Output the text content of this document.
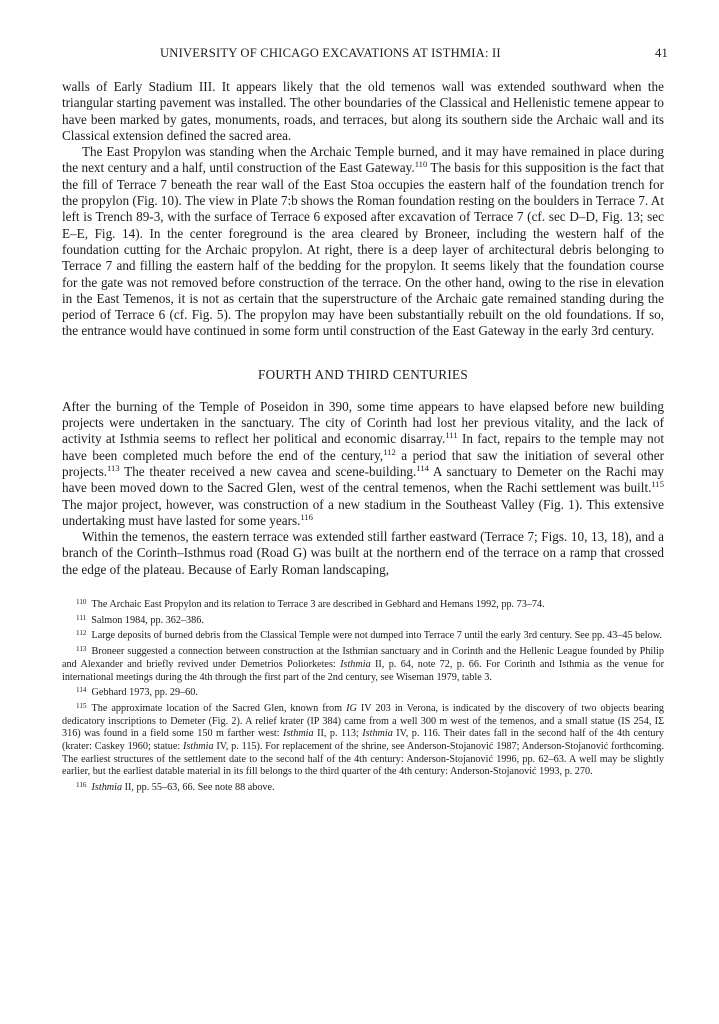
UNIVERSITY OF CHICAGO EXCAVATIONS AT ISTHMIA: II	41

walls of Early Stadium III. It appears likely that the old temenos wall was extended southward when the triangular starting pavement was installed. The other boundaries of the Classical and Hellenistic temene appear to have been marked by gates, monuments, roads, and terraces, but along its southern side the Archaic wall and its Classical extension defined the sacred area.

The East Propylon was standing when the Archaic Temple burned, and it may have remained in place during the next century and a half, until construction of the East Gateway.$^{110}$ The basis for this supposition is the fact that the fill of Terrace 7 beneath the rear wall of the East Stoa occupies the eastern half of the foundation trench for the propylon (Fig. 10). The view in Plate 7:b shows the Roman foundation resting on the boulders in Terrace 7. At left is Trench 89-3, with the surface of Terrace 6 exposed after excavation of Terrace 7 (cf. sec D–D, Fig. 13; sec E–E, Fig. 14). In the center foreground is the area cleared by Broneer, including the western half of the foundation cutting for the Archaic propylon. At right, there is a deep layer of architectural debris belonging to Terrace 7 and filling the eastern half of the bedding for the propylon. It seems likely that the foundation course for the gate was not removed before construction of the terrace. On the other hand, owing to the rise in elevation in the East Temenos, it is not as certain that the superstructure of the Archaic gate remained standing during the period of Terrace 6 (cf. Fig. 5). The propylon may have been substantially rebuilt on the old foundations. If so, the entrance would have continued in some form until construction of the East Gateway in the early 3rd century.

FOURTH AND THIRD CENTURIES

After the burning of the Temple of Poseidon in 390, some time appears to have elapsed before new building projects were undertaken in the sanctuary. The city of Corinth had lost her previous vitality, and the lack of activity at Isthmia seems to reflect her political and economic disarray.$^{111}$ In fact, repairs to the temple may not have been completed much before the end of the century,$^{112}$ a period that saw the initiation of several other projects.$^{113}$ The theater received a new cavea and scene-building.$^{114}$ A sanctuary to Demeter on the Rachi may have been moved down to the Sacred Glen, west of the central temenos, when the Rachi settlement was built.$^{115}$ The major project, however, was construction of a new stadium in the Southeast Valley (Fig. 1). This extensive undertaking must have lasted for some years.$^{116}$

Within the temenos, the eastern terrace was extended still farther eastward (Terrace 7; Figs. 10, 13, 18), and a branch of the Corinth–Isthmus road (Road G) was built at the northern end of the terrace on a ramp that crossed the edge of the plateau. Because of Early Roman landscaping,

$^{110}$ The Archaic East Propylon and its relation to Terrace 3 are described in Gebhard and Hemans 1992, pp. 73–74.

$^{111}$ Salmon 1984, pp. 362–386.

$^{112}$ Large deposits of burned debris from the Classical Temple were not dumped into Terrace 7 until the early 3rd century. See pp. 43–45 below.

$^{113}$ Broneer suggested a connection between construction at the Isthmian sanctuary and in Corinth and the Hellenic League founded by Philip and Alexander and briefly revived under Demetrios Poliorketes: Isthmia II, p. 64, note 72, p. 66. For Corinth and Isthmia as the venue for international meetings during the 4th through the first part of the 2nd century, see Wiseman 1979, table 3.

$^{114}$ Gebhard 1973, pp. 29–60.

$^{115}$ The approximate location of the Sacred Glen, known from IG IV 203 in Verona, is indicated by the discovery of two objects bearing dedicatory inscriptions to Demeter (Fig. 2). A relief krater (IP 384) came from a well 300 m west of the temenos, and a small statue (IS 254, IΣ 316) was found in a field some 150 m farther west: Isthmia II, p. 113; Isthmia IV, p. 116. Their dates fall in the second half of the 4th century (krater: Caskey 1960; statue: Isthmia IV, p. 115). For replacement of the shrine, see Anderson-Stojanović 1987; Anderson-Stojanović forthcoming. The earliest structures of the settlement date to the second half of the 4th century: Anderson-Stojanović 1996, pp. 62–63. A well may be slightly earlier, but the earliest datable material in its fill belongs to the third quarter of the 4th century: Anderson-Stojanović 1993, p. 270.

$^{116}$ Isthmia II, pp. 55–63, 66. See note 88 above.
